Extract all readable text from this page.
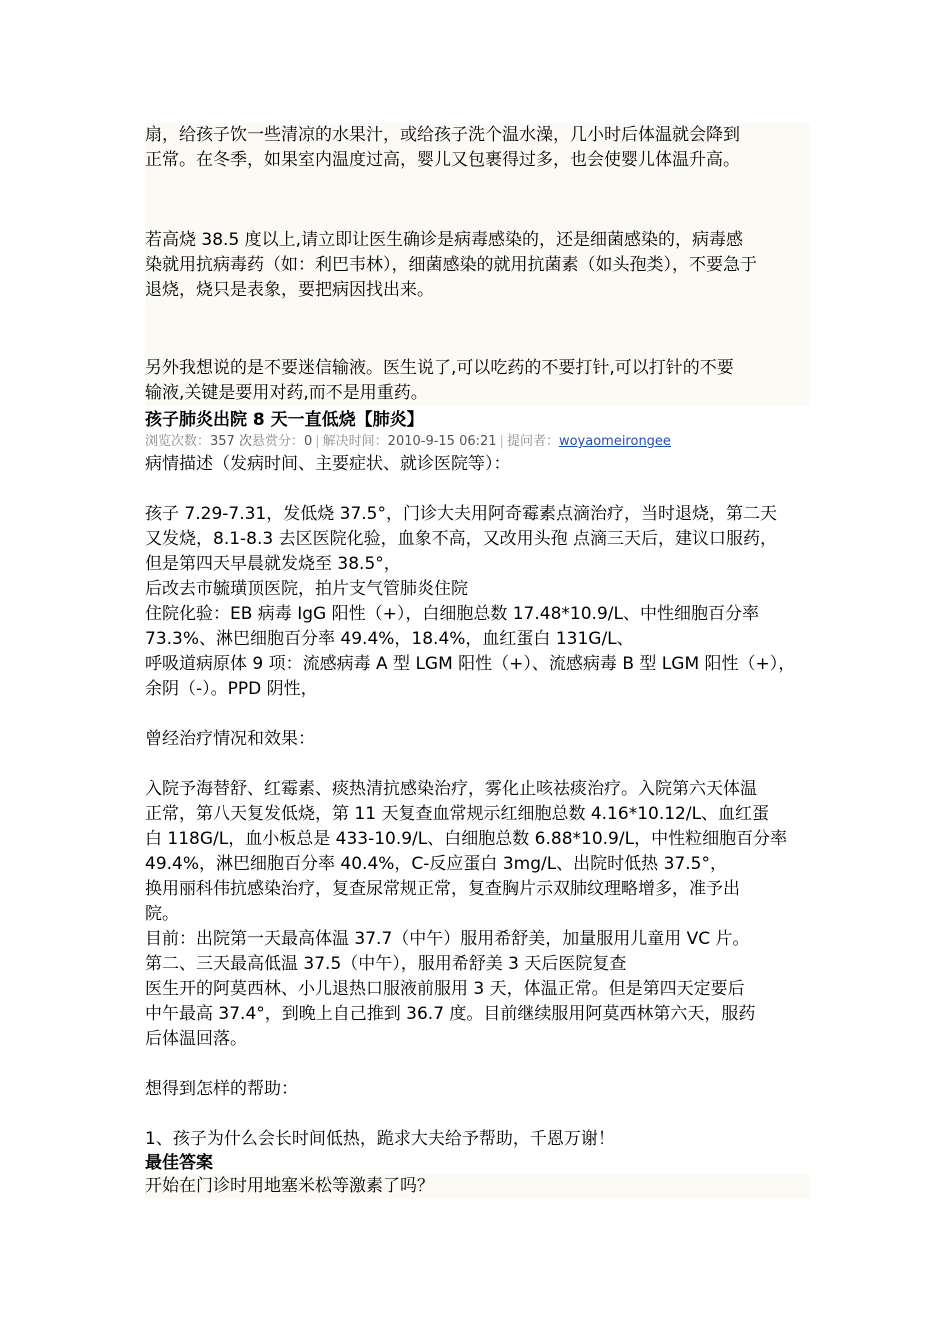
扇，给孩子饮一些清凉的水果汁，或给孩子洗个温水澡，几小时后体温就会降到

正常。在冬季，如果室内温度过高，婴儿又包裹得过多，也会使婴儿体温升高。

若高烧 38.5 度以上,请立即让医生确诊是病毒感染的，还是细菌感染的，病毒感

染就用抗病毒药（如：利巴韦林），细菌感染的就用抗菌素（如头孢类），不要急于

退烧，烧只是表象，要把病因找出来。

另外我想说的是不要迷信输液。医生说了,可以吃药的不要打针,可以打针的不要

输液,关键是要用对药,而不是用重药。

孩子肺炎出院 8 天一直低烧【肺炎】

浏览次数：357 次悬赏分：0 | 解决时间：2010-9-15 06:21 | 提问者：woyaomeirongee

病情描述（发病时间、主要症状、就诊医院等）：

孩子 7.29-7.31，发低烧 37.5°，门诊大夫用阿奇霉素点滴治疗，当时退烧，第二天

又发烧，8.1-8.3 去区医院化验，血象不高，又改用头孢 点滴三天后，建议口服药，

但是第四天早晨就发烧至 38.5°，

后改去市毓璜顶医院，拍片支气管肺炎住院

住院化验：EB 病毒 IgG 阳性（+），白细胞总数 17.48*10.9/L、中性细胞百分率

73.3%、淋巴细胞百分率 49.4%，18.4%，血红蛋白 131G/L、

呼吸道病原体 9 项：流感病毒 A 型 LGM 阳性（+）、流感病毒 B 型 LGM 阳性（+），

余阴（-）。PPD 阴性，

曾经治疗情况和效果：

入院予海替舒、红霉素、痰热清抗感染治疗，雾化止咳祛痰治疗。入院第六天体温

正常，第八天复发低烧，第 11 天复查血常规示红细胞总数 4.16*10.12/L、血红蛋

白 118G/L，血小板总是 433-10.9/L、白细胞总数 6.88*10.9/L，中性粒细胞百分率

49.4%，淋巴细胞百分率 40.4%，C-反应蛋白 3mg/L、出院时低热 37.5°，

换用丽科伟抗感染治疗，复查尿常规正常，复查胸片示双肺纹理略增多，准予出

院。

目前：出院第一天最高体温 37.7（中午）服用希舒美，加量服用儿童用 VC 片。

第二、三天最高低温 37.5（中午），服用希舒美 3 天后医院复查

医生开的阿莫西林、小儿退热口服液前服用 3 天，体温正常。但是第四天定要后

中午最高 37.4°，到晚上自己推到 36.7 度。目前继续服用阿莫西林第六天，服药

后体温回落。

想得到怎样的帮助：

1、孩子为什么会长时间低热，跪求大夫给予帮助，千恩万谢！

最佳答案

开始在门诊时用地塞米松等激素了吗？
